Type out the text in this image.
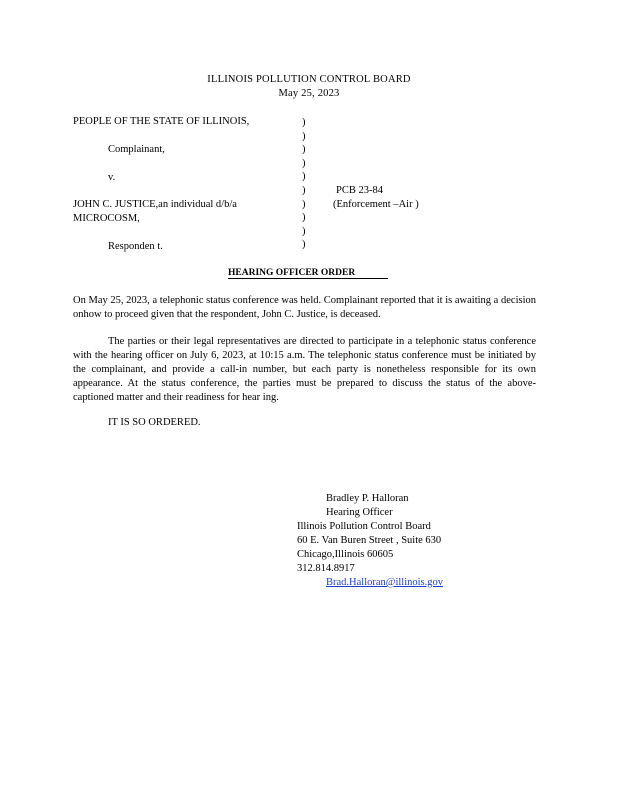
ILLINOIS POLLUTION CONTROL BOARD
May 25, 2023
PEOPLE OF THE STATE OF ILLINOIS,
Complainant,
v.
JOHN C. JUSTICE,an individual d/b/a
MICROCOSM,
Responden t.
)
)
)
)
)
)
)
)
)
)
PCB 23-84
(Enforcement –Air )
HEARING OFFICER ORDER
On May 25, 2023, a telephonic status conference was held. Complainant reported that it is awaiting a decision onhow to proceed given that the respondent, John C. Justice, is deceased.
The parties or their legal representatives are directed to participate in a telephonic status conference with the hearing officer on July 6, 2023, at 10:15 a.m. The telephonic status conference must be initiated by the complainant, and provide a call-in number, but each party is nonetheless responsible for its own appearance. At the status conference, the parties must be prepared to discuss the status of the above- captioned matter and their readiness for hear ing.
IT IS SO ORDERED.
Bradley P. Halloran
Hearing Officer
Illinois Pollution Control Board
60 E. Van Buren Street , Suite 630
Chicago,Illinois 60605
312.814.8917
Brad.Halloran@illinois.gov
